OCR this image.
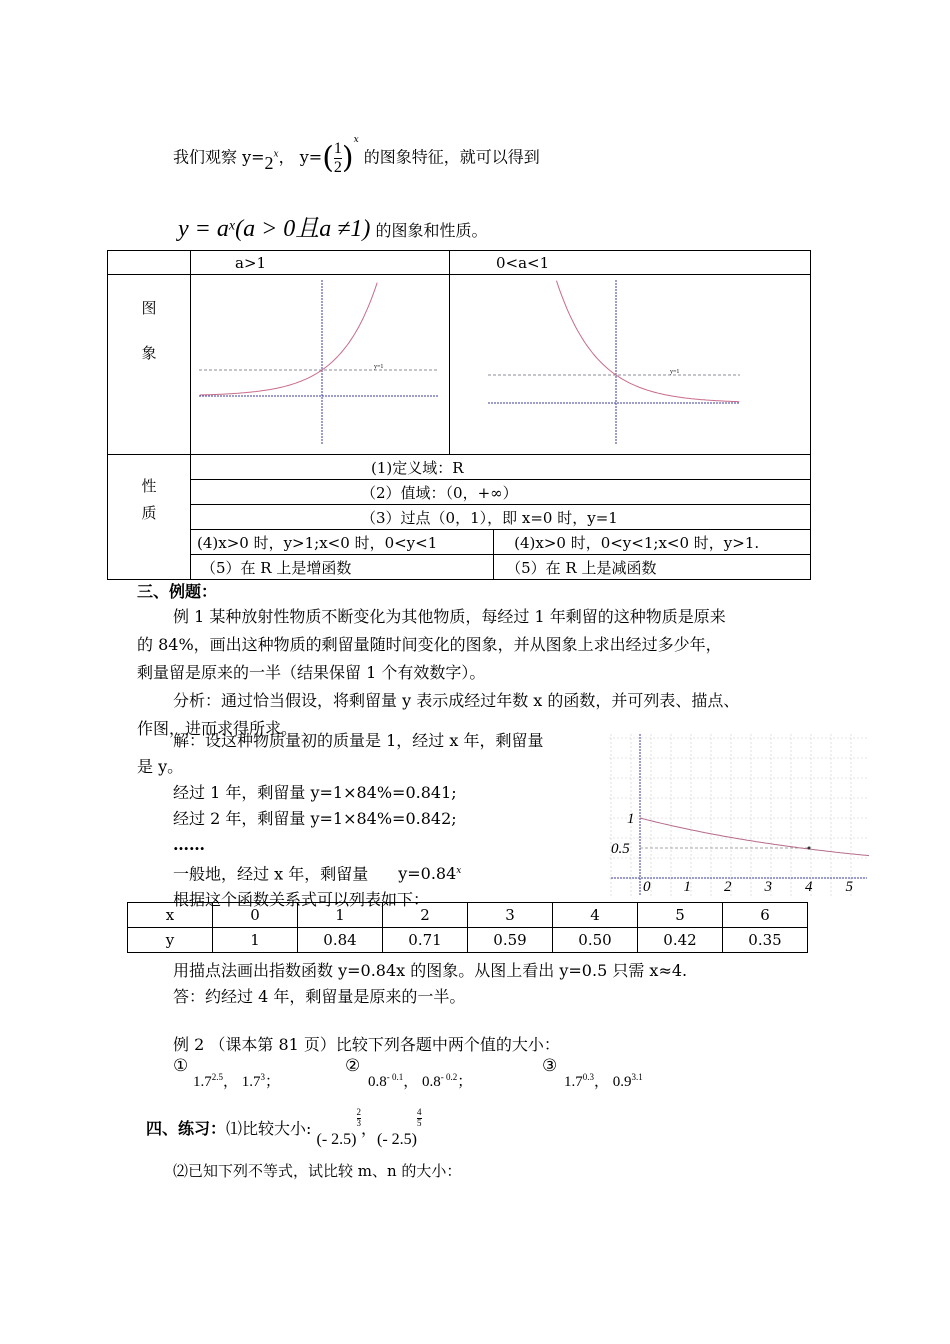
我们观察 $y=2^x$， $y=( \frac{1}{2} )^x$ 的图象特征，就可以得到
$y = a^x(a > 0$且a ≠1) 的图象和性质。
	a>1	0<a<1	

图
象	y=1	y=1	

性
质	(1)定义域：R		
	（2）值域：（0，+∞）		
	（3）过点（0，1），即 x=0 时，y=1		
	(4)x>0 时，y>1;x<0 时，0<y<1		(4)x>0 时，0<y<1;x<0 时，y>1.
	（5）在 R 上是增函数		（5）在 R 上是减函数
三、例题：
例 1 某种放射性物质不断变化为其他物质，每经过 1 年剩留的这种物质是原来
的 84%，画出这种物质的剩留量随时间变化的图象，并从图象上求出经过多少年，
剩量留是原来的一半（结果保留 1 个有效数字）。
分析：通过恰当假设，将剩留量 y 表示成经过年数 x 的函数，并可列表、描点、
作图，进而求得所求。
解：设这种物质量初的质量是 1，经过 x 年，剩留量
是 y。
经过 1 年，剩留量 y=1×84%=0.841;
经过 2 年，剩留量 y=1×84%=0.842;
……
一般地，经过 x 年，剩留量 $y=0.84^x$
根据这个函数关系式可以列表如下：
0 1 2 3 4 5
1
0.5
x	0	1	2	3	4	5	6
y	1	0.84	0.71	0.59	0.50	0.42	0.35
用描点法画出指数函数 y=0.84x 的图象。从图上看出 y=0.5 只需 x≈4.
答：约经过 4 年，剩留量是原来的一半。
例 2 （课本第 81 页）比较下列各题中两个值的大小：
①
$1.7^{2.5}$， $1.7^3$；
②
$0.8^{- 0.1}$， $0.8^{- 0.2}$；
③
$1.7^{0.3}$， $0.9^{3.1}$
四、练习：⑴比较大小: (- 2.5)
$\frac{2}{3}$ ，(- 2.5)
$\frac{4}{5}$
⑵已知下列不等式，试比较 m、n 的大小：
